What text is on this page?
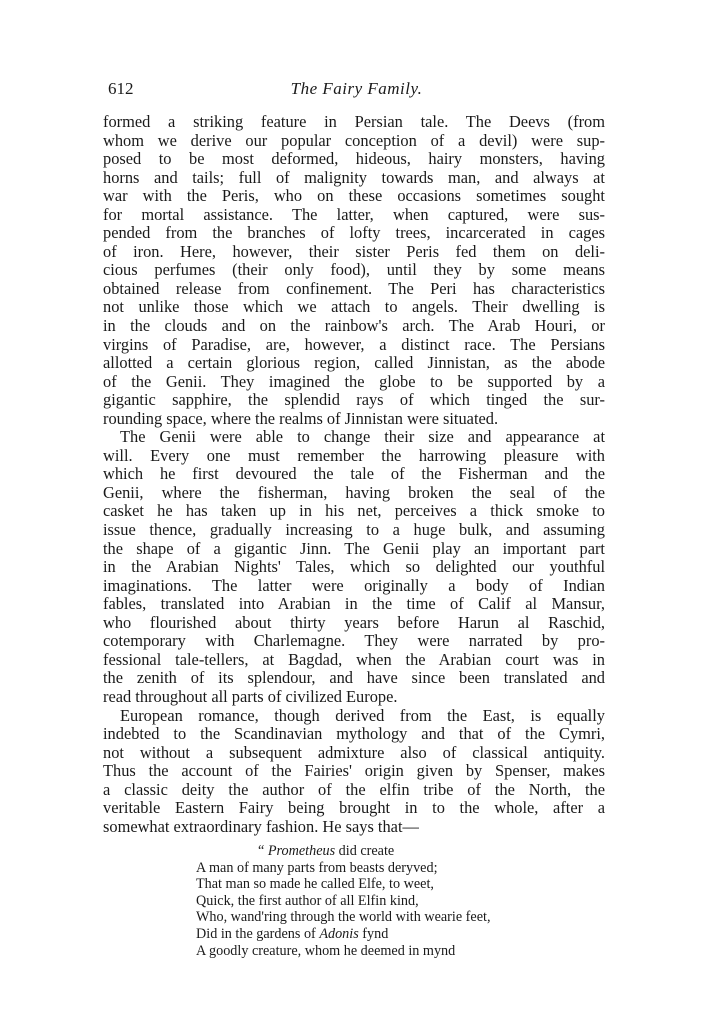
612	The Fairy Family.
formed a striking feature in Persian tale. The Deevs (from
whom we derive our popular conception of a devil) were sup-
posed to be most deformed, hideous, hairy monsters, having
horns and tails; full of malignity towards man, and always at
war with the Peris, who on these occasions sometimes sought
for mortal assistance. The latter, when captured, were sus-
pended from the branches of lofty trees, incarcerated in cages
of iron. Here, however, their sister Peris fed them on deli-
cious perfumes (their only food), until they by some means
obtained release from confinement. The Peri has characteristics
not unlike those which we attach to angels. Their dwelling is
in the clouds and on the rainbow's arch. The Arab Houri, or
virgins of Paradise, are, however, a distinct race. The Persians
allotted a certain glorious region, called Jinnistan, as the abode
of the Genii. They imagined the globe to be supported by a
gigantic sapphire, the splendid rays of which tinged the sur-
rounding space, where the realms of Jinnistan were situated.
The Genii were able to change their size and appearance at
will. Every one must remember the harrowing pleasure with
which he first devoured the tale of the Fisherman and the
Genii, where the fisherman, having broken the seal of the
casket he has taken up in his net, perceives a thick smoke to
issue thence, gradually increasing to a huge bulk, and assuming
the shape of a gigantic Jinn. The Genii play an important part
in the Arabian Nights' Tales, which so delighted our youthful
imaginations. The latter were originally a body of Indian
fables, translated into Arabian in the time of Calif al Mansur,
who flourished about thirty years before Harun al Raschid,
cotemporary with Charlemagne. They were narrated by pro-
fessional tale-tellers, at Bagdad, when the Arabian court was in
the zenith of its splendour, and have since been translated and
read throughout all parts of civilized Europe.
European romance, though derived from the East, is equally
indebted to the Scandinavian mythology and that of the Cymri,
not without a subsequent admixture also of classical antiquity.
Thus the account of the Fairies' origin given by Spenser, makes
a classic deity the author of the elfin tribe of the North, the
veritable Eastern Fairy being brought in to the whole, after a
somewhat extraordinary fashion. He says that—
“ Prometheus did create
A man of many parts from beasts deryved;
That man so made he called Elfe, to weet,
Quick, the first author of all Elfin kind,
Who, wand'ring through the world with wearie feet,
Did in the gardens of Adonis fynd
A goodly creature, whom he deemed in mynd
